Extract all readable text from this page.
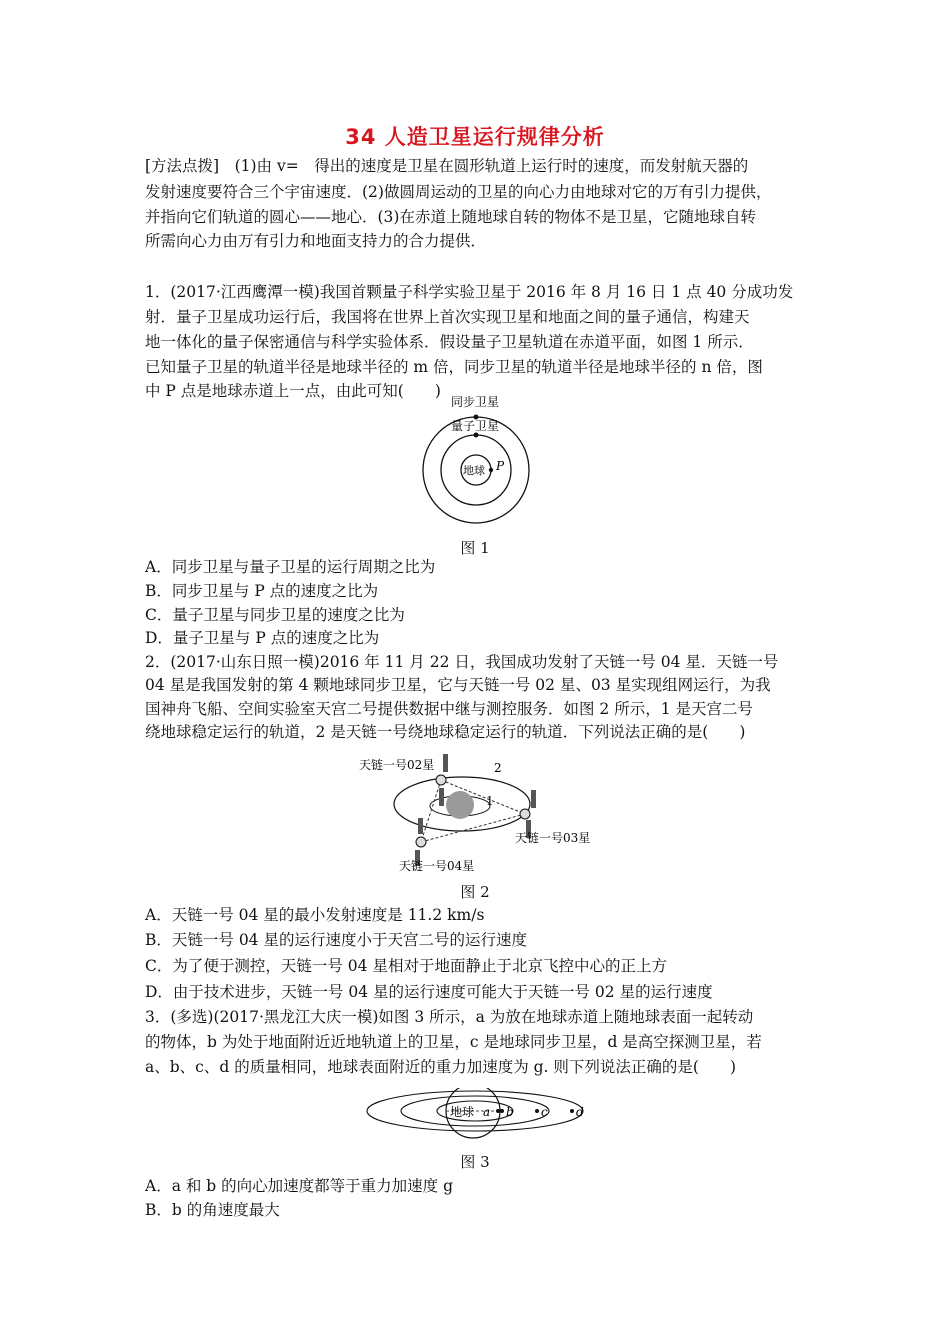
34 人造卫星运行规律分析
[方法点拨]　(1)由 v=　得出的速度是卫星在圆形轨道上运行时的速度，而发射航天器的
发射速度要符合三个宇宙速度．(2)做圆周运动的卫星的向心力由地球对它的万有引力提供，
并指向它们轨道的圆心——地心．(3)在赤道上随地球自转的物体不是卫星，它随地球自转
所需向心力由万有引力和地面支持力的合力提供．
1．(2017·江西鹰潭一模)我国首颗量子科学实验卫星于 2016 年 8 月 16 日 1 点 40 分成功发
射．量子卫星成功运行后，我国将在世界上首次实现卫星和地面之间的量子通信，构建天
地一体化的量子保密通信与科学实验体系．假设量子卫星轨道在赤道平面，如图 1 所示．
已知量子卫星的轨道半径是地球半径的 m 倍，同步卫星的轨道半径是地球半径的 n 倍，图
中 P 点是地球赤道上一点，由此可知(　　)
同步卫星
量子卫星
地球 P
图 1
A．同步卫星与量子卫星的运行周期之比为
B．同步卫星与 P 点的速度之比为
C．量子卫星与同步卫星的速度之比为
D．量子卫星与 P 点的速度之比为
2．(2017·山东日照一模)2016 年 11 月 22 日，我国成功发射了天链一号 04 星．天链一号
04 星是我国发射的第 4 颗地球同步卫星，它与天链一号 02 星、03 星实现组网运行，为我
国神舟飞船、空间实验室天宫二号提供数据中继与测控服务．如图 2 所示，1 是天宫二号
绕地球稳定运行的轨道，2 是天链一号绕地球稳定运行的轨道．下列说法正确的是(　　)
天链一号02星
天链一号03星
天链一号04星
1
2
图 2
A．天链一号 04 星的最小发射速度是 11.2 km/s
B．天链一号 04 星的运行速度小于天宫二号的运行速度
C．为了便于测控，天链一号 04 星相对于地面静止于北京飞控中心的正上方
D．由于技术进步，天链一号 04 星的运行速度可能大于天链一号 02 星的运行速度
3．(多选)(2017·黑龙江大庆一模)如图 3 所示，a 为放在地球赤道上随地球表面一起转动
的物体，b 为处于地面附近近地轨道上的卫星，c 是地球同步卫星，d 是高空探测卫星，若
a、b、c、d 的质量相同，地球表面附近的重力加速度为 g. 则下列说法正确的是(　　)
地球 a b c d
图 3
A．a 和 b 的向心加速度都等于重力加速度 g
B．b 的角速度最大
